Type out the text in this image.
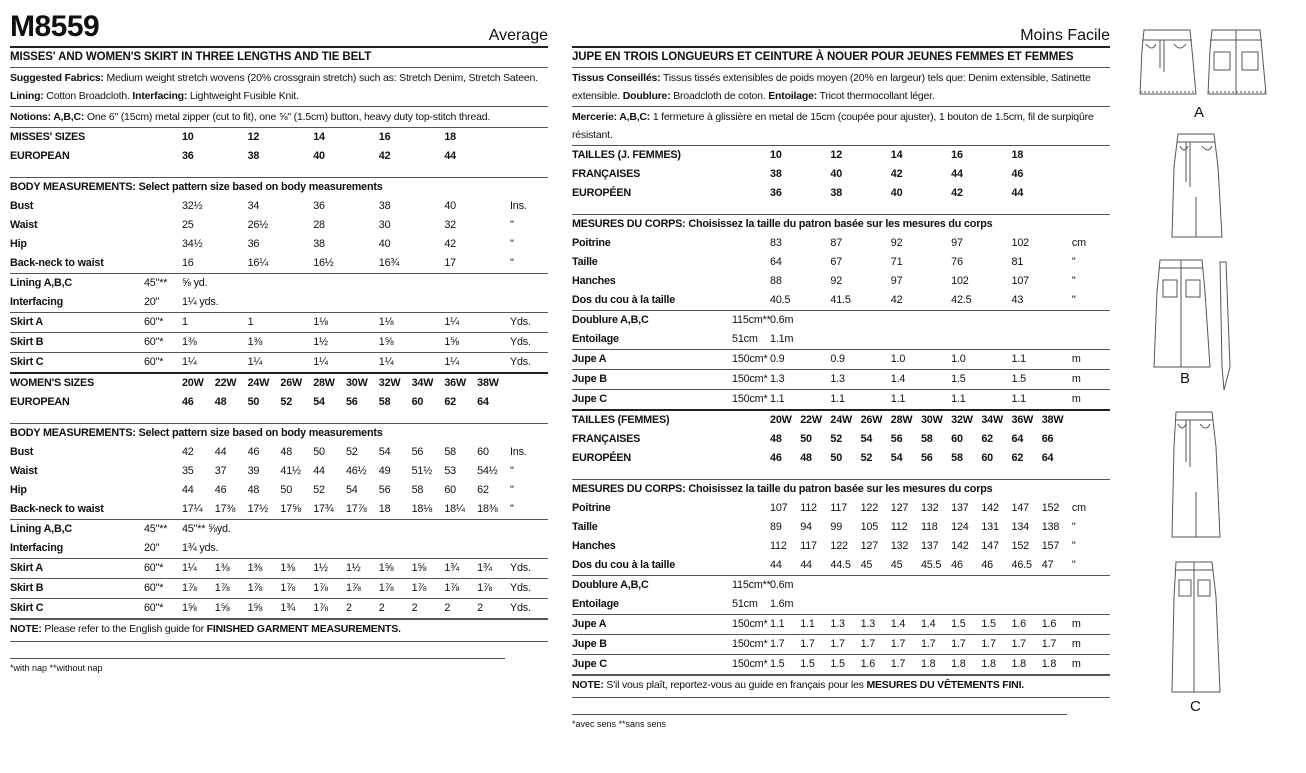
M8559	Average
MISSES' AND WOMEN'S SKIRT IN THREE LENGTHS AND TIE BELT
Suggested Fabrics: Medium weight stretch wovens (20% crossgrain stretch) such as: Stretch Denim, Stretch Sateen. Lining: Cotton Broadcloth. Interfacing: Lightweight Fusible Knit.
Notions: A,B,C: One 6" (15cm) metal zipper (cut to fit), one ⅝" (1.5cm) button, heavy duty top-stitch thread.
MISSES' SIZES		10		12		14		16		18		
EUROPEAN		36		38		40		42		44		

BODY MEASUREMENTS: Select pattern size based on body measurements												
Bust		32½		34		36		38		40		Ins.
Waist		25		26½		28		30		32		"
Hip		34½		36		38		40		42		"
Back-neck to waist		16		16¼		16½		16¾		17		"
Lining A,B,C	45"**	⅝ yd.										
Interfacing	20"	1¼ yds.										
Skirt A	60"*	1		1		1⅛		1⅛		1¼		Yds.
Skirt B	60"*	1⅜		1⅜		1½		1⅝		1⅝		Yds.
Skirt C	60"*	1¼		1¼		1¼		1¼		1¼		Yds.
WOMEN'S SIZES		20W	22W	24W	26W	28W	30W	32W	34W	36W	38W	
EUROPEAN		46	48	50	52	54	56	58	60	62	64	

BODY MEASUREMENTS: Select pattern size based on body measurements												
Bust		42	44	46	48	50	52	54	56	58	60	Ins.
Waist		35	37	39	41½	44	46½	49	51½	53	54½	"
Hip		44	46	48	50	52	54	56	58	60	62	"
Back-neck to waist		17¼	17⅜	17½	17⅝	17¾	17⅞	18	18⅛	18¼	18⅜	"
Lining A,B,C	45"**	45"** ⅝yd.										
Interfacing	20"	1¾ yds.										
Skirt A	60"*	1¼	1⅜	1⅜	1⅜	1½	1½	1⅝	1⅝	1¾	1¾	Yds.
Skirt B	60"*	1⅞	1⅞	1⅞	1⅞	1⅞	1⅞	1⅞	1⅞	1⅞	1⅞	Yds.
Skirt C	60"*	1⅝	1⅝	1⅝	1¾	1⅞	2	2	2	2	2	Yds.
NOTE: Please refer to the English guide for FINISHED GARMENT MEASUREMENTS.
*with nap **without nap
Moins Facile
JUPE EN TROIS LONGUEURS ET CEINTURE À NOUER POUR JEUNES FEMMES ET FEMMES
Tissus Conseillés: Tissus tissés extensibles de poids moyen (20% en largeur) tels que: Denim extensible, Satinette extensible. Doublure: Broadcloth de coton. Entoilage: Tricot thermocollant léger.
Mercerie: A,B,C: 1 fermeture à glissière en metal de 15cm (coupée pour ajuster), 1 bouton de 1.5cm, fil de surpiqûre résistant.
TAILLES (J. FEMMES)		10		12		14		16		18		
FRANÇAISES		38		40		42		44		46		
EUROPÉEN		36		38		40		42		44		

MESURES DU CORPS: Choisissez la taille du patron basée sur les mesures du corps												
Poitrine		83		87		92		97		102		cm
Taille		64		67		71		76		81		"
Hanches		88		92		97		102		107		"
Dos du cou à la taille		40.5		41.5		42		42.5		43		"
Doublure A,B,C	115cm**	0.6m										
Entoilage	51cm	1.1m										
Jupe A	150cm*	0.9		0.9		1.0		1.0		1.1		m
Jupe B	150cm*	1.3		1.3		1.4		1.5		1.5		m
Jupe C	150cm*	1.1		1.1		1.1		1.1		1.1		m
TAILLES (FEMMES)		20W	22W	24W	26W	28W	30W	32W	34W	36W	38W	
FRANÇAISES		48	50	52	54	56	58	60	62	64	66	
EUROPÉEN		46	48	50	52	54	56	58	60	62	64	

MESURES DU CORPS: Choisissez la taille du patron basée sur les mesures du corps												
Poitrine		107	112	117	122	127	132	137	142	147	152	cm
Taille		89	94	99	105	112	118	124	131	134	138	"
Hanches		112	117	122	127	132	137	142	147	152	157	"
Dos du cou à la taille		44	44	44.5	45	45	45.5	46	46	46.5	47	"
Doublure A,B,C	115cm**	0.6m										
Entoilage	51cm	1.6m										
Jupe A	150cm*	1.1	1.1	1.3	1.3	1.4	1.4	1.5	1.5	1.6	1.6	m
Jupe B	150cm*	1.7	1.7	1.7	1.7	1.7	1.7	1.7	1.7	1.7	1.7	m
Jupe C	150cm*	1.5	1.5	1.5	1.6	1.7	1.8	1.8	1.8	1.8	1.8	m
NOTE: S'il vous plaît, reportez-vous au guide en français pour les MESURES DU VÊTEMENTS FINI.
*avec sens **sans sens
A
B
C
